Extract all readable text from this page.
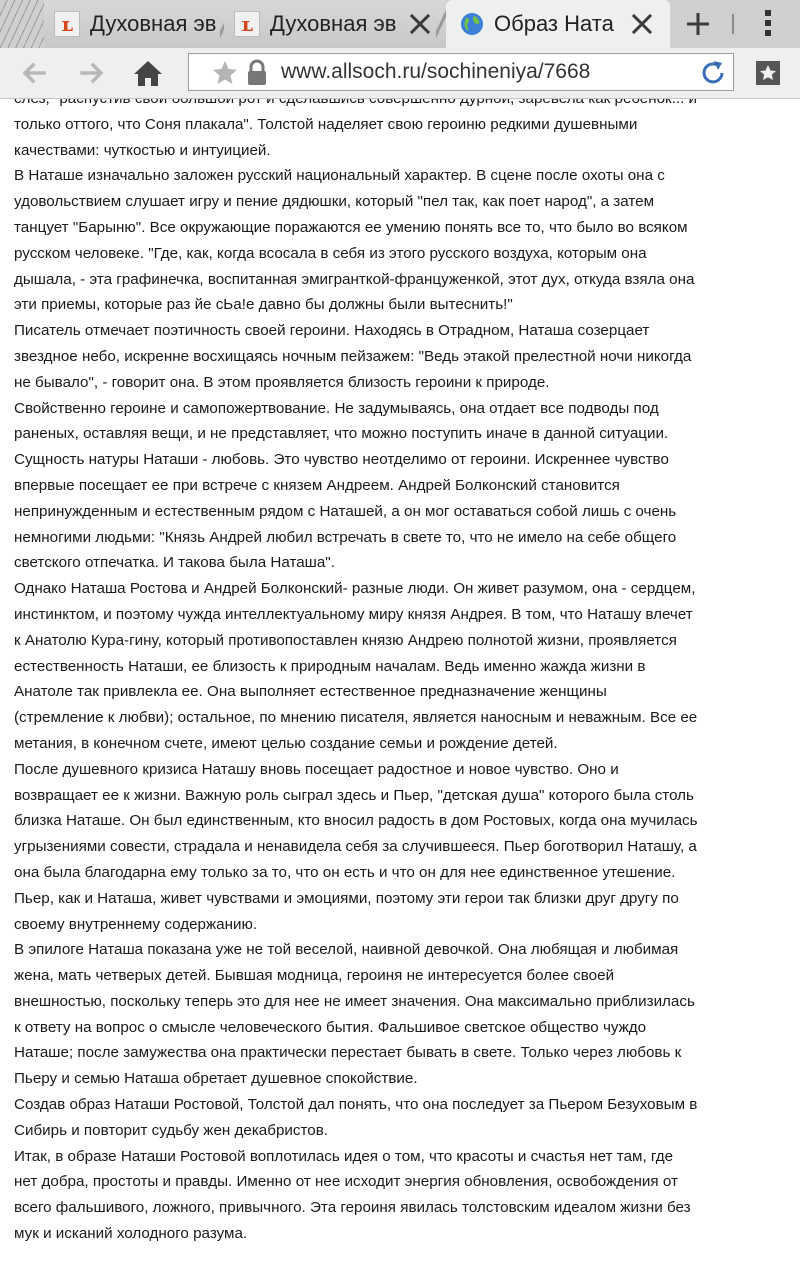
только оттого, что Соня плакала". Толстой наделяет свою героиню редкими душевными качествами: чуткостью и интуицией.

В Наташе изначально заложен русский национальный характер. В сцене после охоты она с удовольствием слушает игру и пение дядюшки, который "пел так, как поет народ", а затем танцует "Барыню". Все окружающие поражаются ее умению понять все то, что было во всяком русском человеке. "Где, как, когда всосала в себя из этого русского воздуха, которым она дышала, - эта графинечка, воспитанная эмигранткой-француженкой, этот дух, откуда взяла она эти приемы, которые раз йе сЬа!е давно бы должны были вытеснить!"

Писатель отмечает поэтичность своей героини. Находясь в Отрадном, Наташа созерцает звездное небо, искренне восхищаясь ночным пейзажем: "Ведь этакой прелестной ночи никогда не бывало", - говорит она. В этом проявляется близость героини к природе.

Свойственно героине и самопожертвование. Не задумываясь, она отдает все подводы под раненых, оставляя вещи, и не представляет, что можно поступить иначе в данной ситуации.

Сущность натуры Наташи - любовь. Это чувство неотделимо от героини. Искреннее чувство впервые посещает ее при встрече с князем Андреем. Андрей Болконский становится непринужденным и естественным рядом с Наташей, а он мог оставаться собой лишь с очень немногими людьми: "Князь Андрей любил встречать в свете то, что не имело на себе общего светского отпечатка. И такова была Наташа".

Однако Наташа Ростова и Андрей Болконский- разные люди. Он живет разумом, она - сердцем, инстинктом, и поэтому чужда интеллектуальному миру князя Андрея. В том, что Наташу влечет к Анатолю Кура-гину, который противопоставлен князю Андрею полнотой жизни, проявляется естественность Наташи, ее близость к природным началам. Ведь именно жажда жизни в Анатоле так привлекла ее. Она выполняет естественное предназначение женщины (стремление к любви); остальное, по мнению писателя, является наносным и неважным. Все ее метания, в конечном счете, имеют целью создание семьи и рождение детей.

После душевного кризиса Наташу вновь посещает радостное и новое чувство. Оно и возвращает ее к жизни. Важную роль сыграл здесь и Пьер, "детская душа" которого была столь близка Наташе. Он был единственным, кто вносил радость в дом Ростовых, когда она мучилась угрызениями совести, страдала и ненавидела себя за случившееся. Пьер боготворил Наташу, а она была благодарна ему только за то, что он есть и что он для нее единственное утешение. Пьер, как и Наташа, живет чувствами и эмоциями, поэтому эти герои так близки друг другу по своему внутреннему содержанию.

В эпилоге Наташа показана уже не той веселой, наивной девочкой. Она любящая и любимая жена, мать четверых детей. Бывшая модница, героиня не интересуется более своей внешностью, поскольку теперь это для нее не имеет значения. Она максимально приблизилась к ответу на вопрос о смысле человеческого бытия. Фальшивое светское общество чуждо Наташе; после замужества она практически перестает бывать в свете. Только через любовь к Пьеру и семью Наташа обретает душевное спокойствие.

Создав образ Наташи Ростовой, Толстой дал понять, что она последует за Пьером Безуховым в Сибирь и повторит судьбу жен декабристов.

Итак, в образе Наташи Ростовой воплотилась идея о том, что красоты и счастья нет там, где нет добра, простоты и правды. Именно от нее исходит энергия обновления, освобождения от всего фальшивого, ложного, привычного. Эта героиня явилась толстовским идеалом жизни без мук и исканий холодного разума.

ʟ Духовная эв	ʟ Духовная эв	Образ Ната
www.allsoch.ru/sochineniya/7668
